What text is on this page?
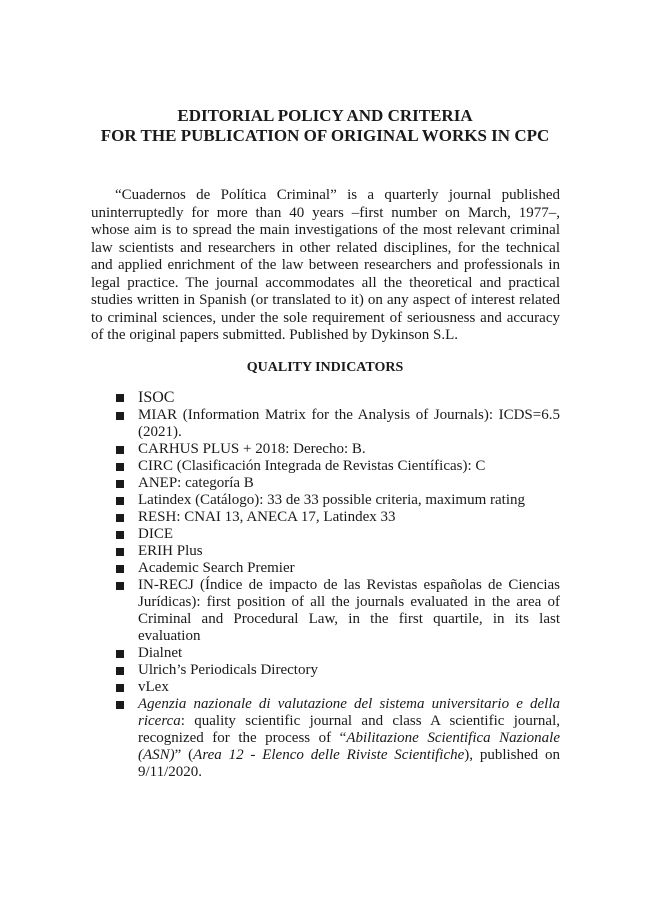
EDITORIAL POLICY AND CRITERIA
FOR THE PUBLICATION OF ORIGINAL WORKS IN CPC

“Cuadernos de Política Criminal” is a quarterly journal published uninterruptedly for more than 40 years –first number on March, 1977–, whose aim is to spread the main investigations of the most relevant criminal law scientists and researchers in other related disciplines, for the technical and applied enrichment of the law between researchers and professionals in legal practice. The journal accommodates all the theoretical and practical studies written in Spanish (or translated to it) on any aspect of interest related to criminal sciences, under the sole requirement of seriousness and accuracy of the original papers submitted. Published by Dykinson S.L.

QUALITY INDICATORS
ISOC
MIAR (Information Matrix for the Analysis of Journals): ICDS=6.5 (2021).
CARHUS PLUS + 2018: Derecho: B.
CIRC (Clasificación Integrada de Revistas Científicas): C
ANEP: categoría B
Latindex (Catálogo): 33 de 33 possible criteria, maximum rating
RESH: CNAI 13, ANECA 17, Latindex 33
DICE
ERIH Plus
Academic Search Premier
IN-RECJ (Índice de impacto de las Revistas españolas de Ciencias Jurídicas): first position of all the journals evaluated in the area of Criminal and Procedural Law, in the first quartile, in its last evaluation
Dialnet
Ulrich’s Periodicals Directory
vLex
Agenzia nazionale di valutazione del sistema universitario e della ricerca: quality scientific journal and class A scientific journal, recognized for the process of “Abilitazione Scientifica Nazionale (ASN)” (Area 12 - Elenco delle Riviste Scientifiche), published on 9/11/2020.
